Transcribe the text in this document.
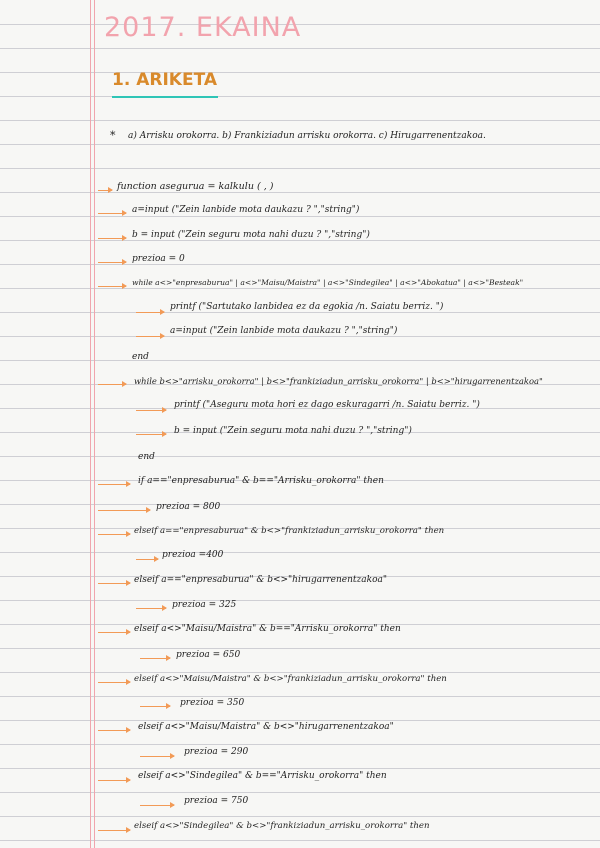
2017. EKAINA
1. ARIKETA
* a) Arrisku orokorra. b) Frankiziadun arrisku orokorra. c) Hirugarrenentzakoa.
function asegurua = kalkulu ( , )
a=input ("Zein lanbide mota daukazu ? ","string")
b = input ("Zein seguru mota nahi duzu ? ","string")
prezioa = 0
while a<>"enpresaburua" | a<>"Maisu/Maistra" | a<>"Sindegilea" | a<>"Abokatua" | a<>"Besteak"
printf ("Sartutako lanbidea ez da egokia /n. Saiatu berriz. ")
a=input ("Zein lanbide mota daukazu ? ","string")
end
while b<>"arrisku_orokorra" | b<>"frankiziadun_arrisku_orokorra" | b<>"hirugarrenentzakoa"
printf ("Aseguru mota hori ez dago eskuragarri /n. Saiatu berriz. ")
b = input ("Zein seguru mota nahi duzu ? ","string")
end
if a=="enpresaburua" & b=="Arrisku_orokorra" then
prezioa = 800
elseif a=="enpresaburua" & b<>"frankiziadun_arrisku_orokorra" then
prezioa =400
elseif a=="enpresaburua" & b<>"hirugarrenentzakoa"
prezioa = 325
elseif a<>"Maisu/Maistra" & b=="Arrisku_orokorra" then
prezioa = 650
elseif a<>"Maisu/Maistra" & b<>"frankiziadun_arrisku_orokorra" then
prezioa = 350
elseif a<>"Maisu/Maistra" & b<>"hirugarrenentzakoa"
prezioa = 290
elseif a<>"Sindegilea" & b=="Arrisku_orokorra" then
prezioa = 750
elseif a<>"Sindegilea" & b<>"frankiziadun_arrisku_orokorra" then
